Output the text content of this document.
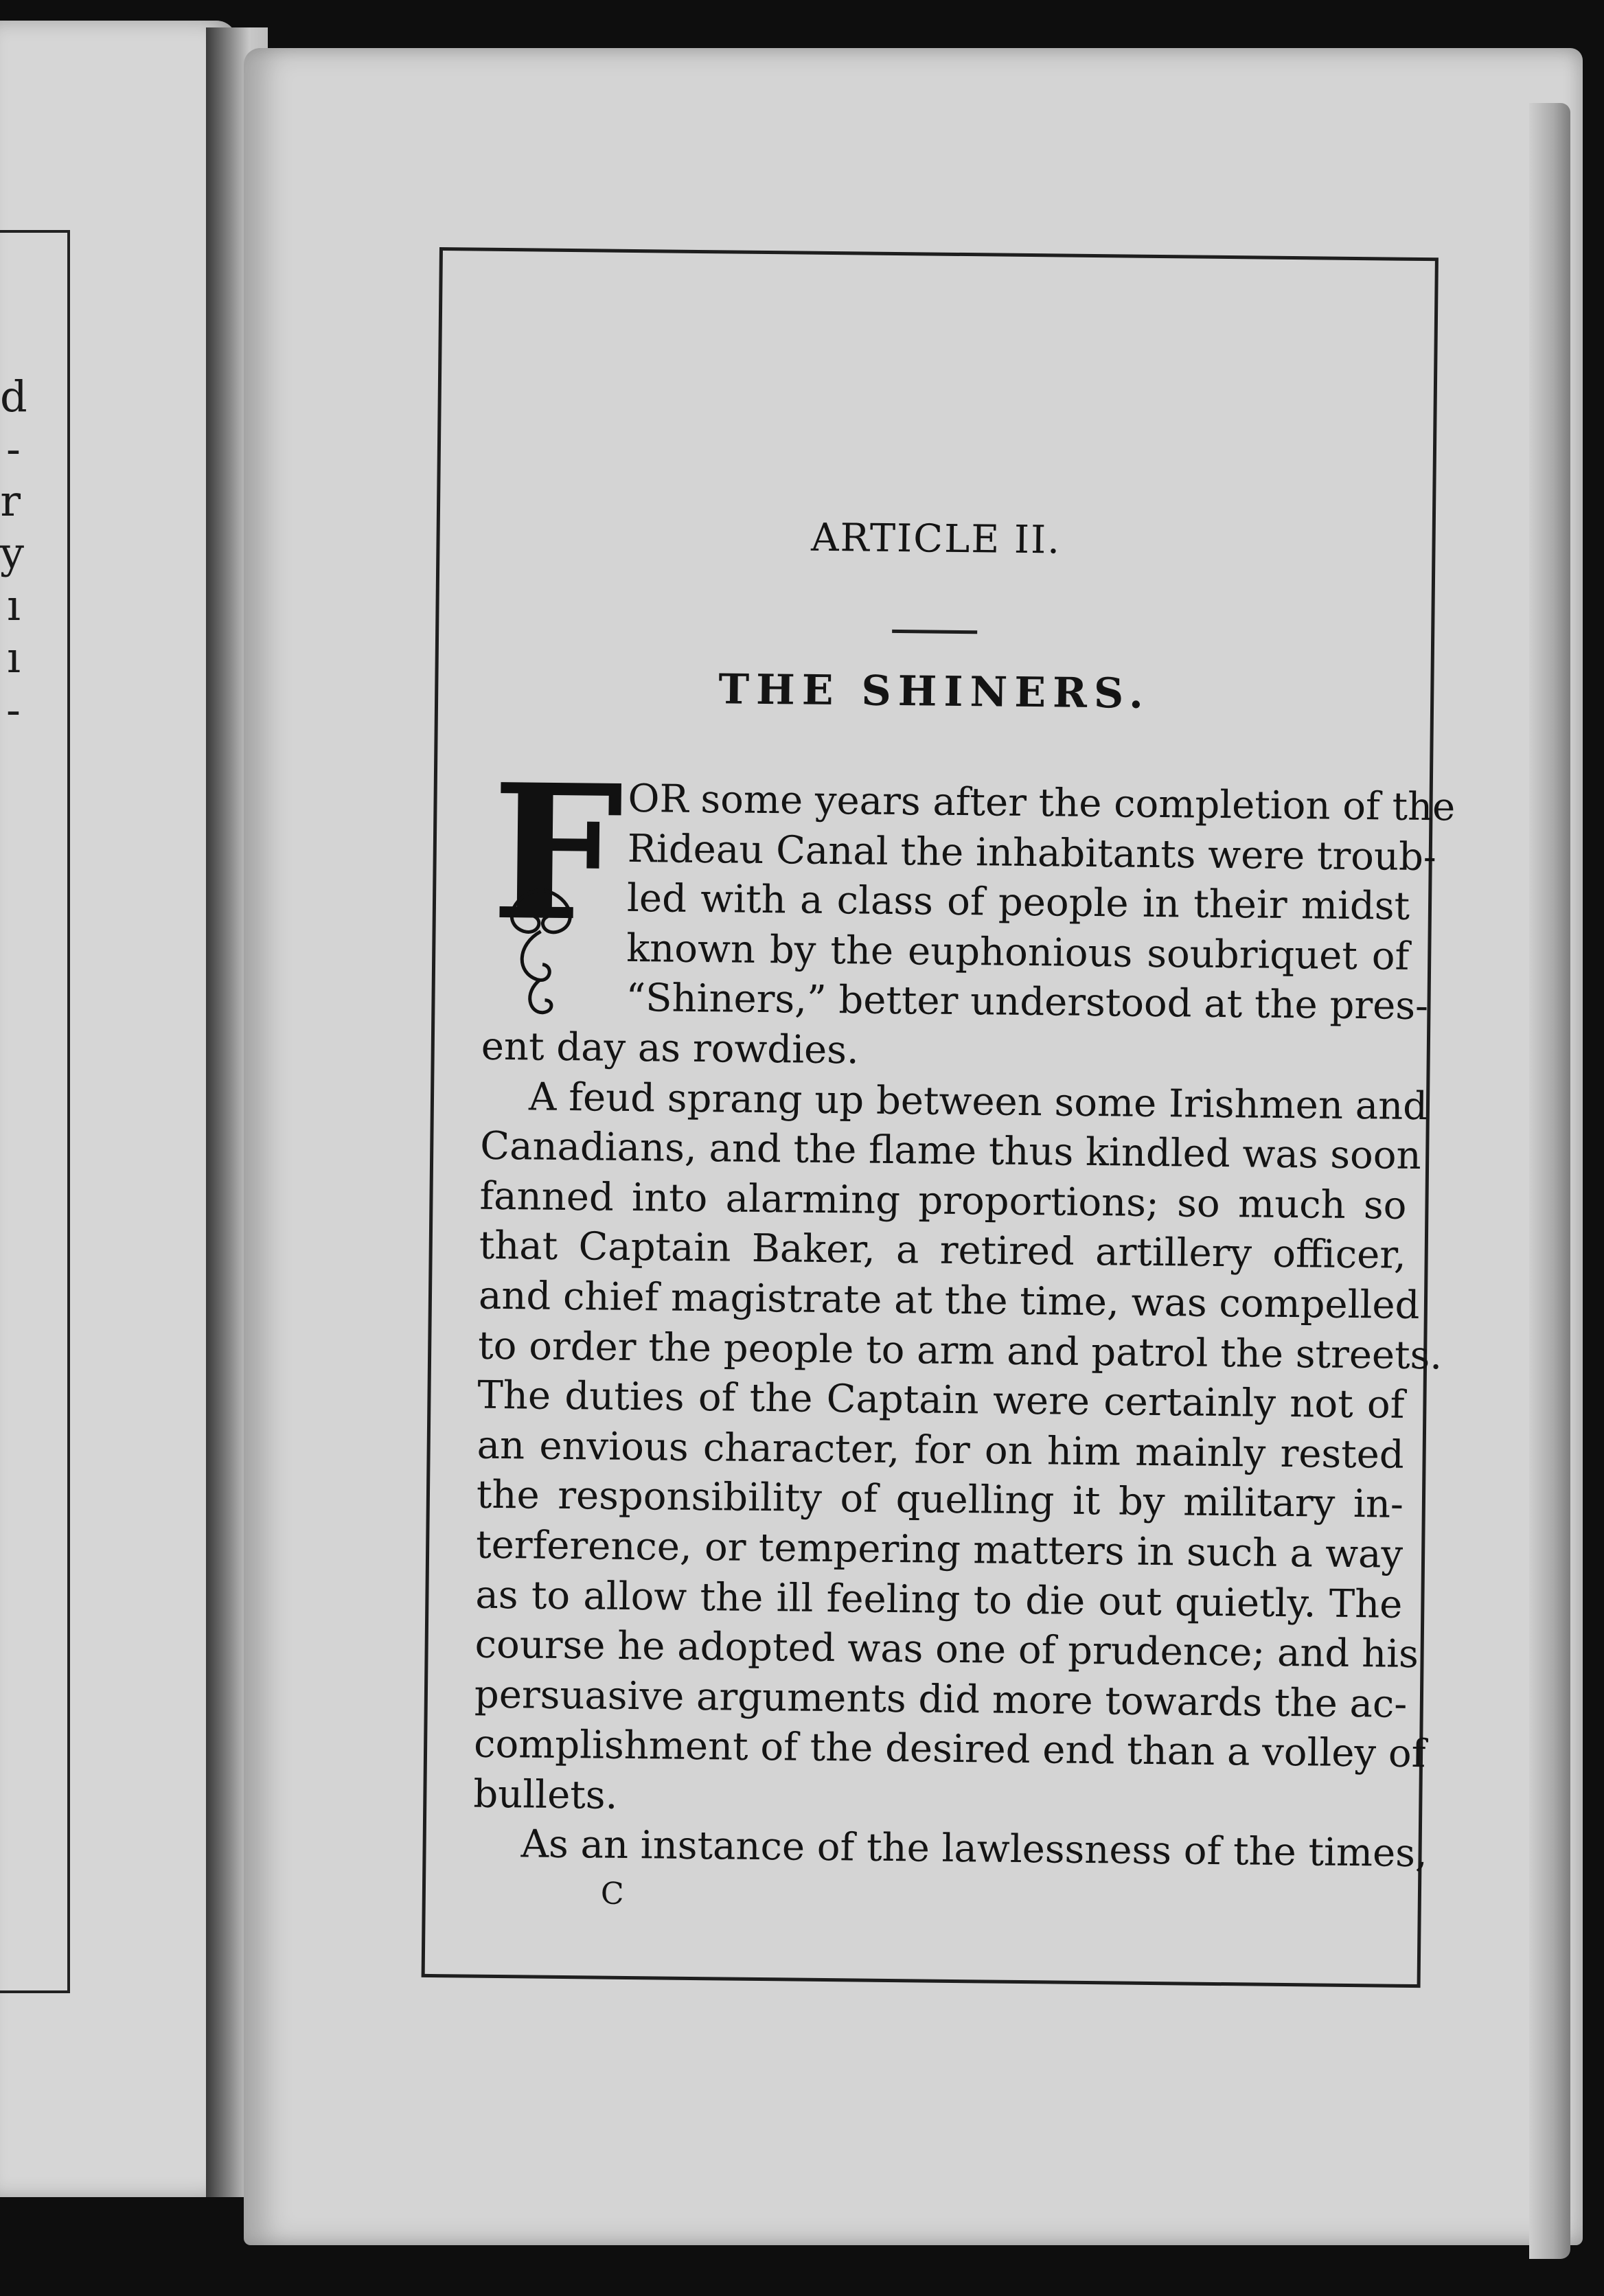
d
-
r
y
ı
ı
-
ARTICLE II.
THE SHINERS.
F OR some years after the completion of the
Rideau Canal the inhabitants were troub-
led with a class of people in their midst
known by the euphonious soubriquet of
“Shiners,” better understood at the pres-
ent day as rowdies.
A feud sprang up between some Irishmen and
Canadians, and the flame thus kindled was soon
fanned into alarming proportions; so much so
that Captain Baker, a retired artillery officer,
and chief magistrate at the time, was compelled
to order the people to arm and patrol the streets.
The duties of the Captain were certainly not of
an envious character, for on him mainly rested
the responsibility of quelling it by military in-
terference, or tempering matters in such a way
as to allow the ill feeling to die out quietly. The
course he adopted was one of prudence; and his
persuasive arguments did more towards the ac-
complishment of the desired end than a volley of
bullets.
As an instance of the lawlessness of the times,
C
